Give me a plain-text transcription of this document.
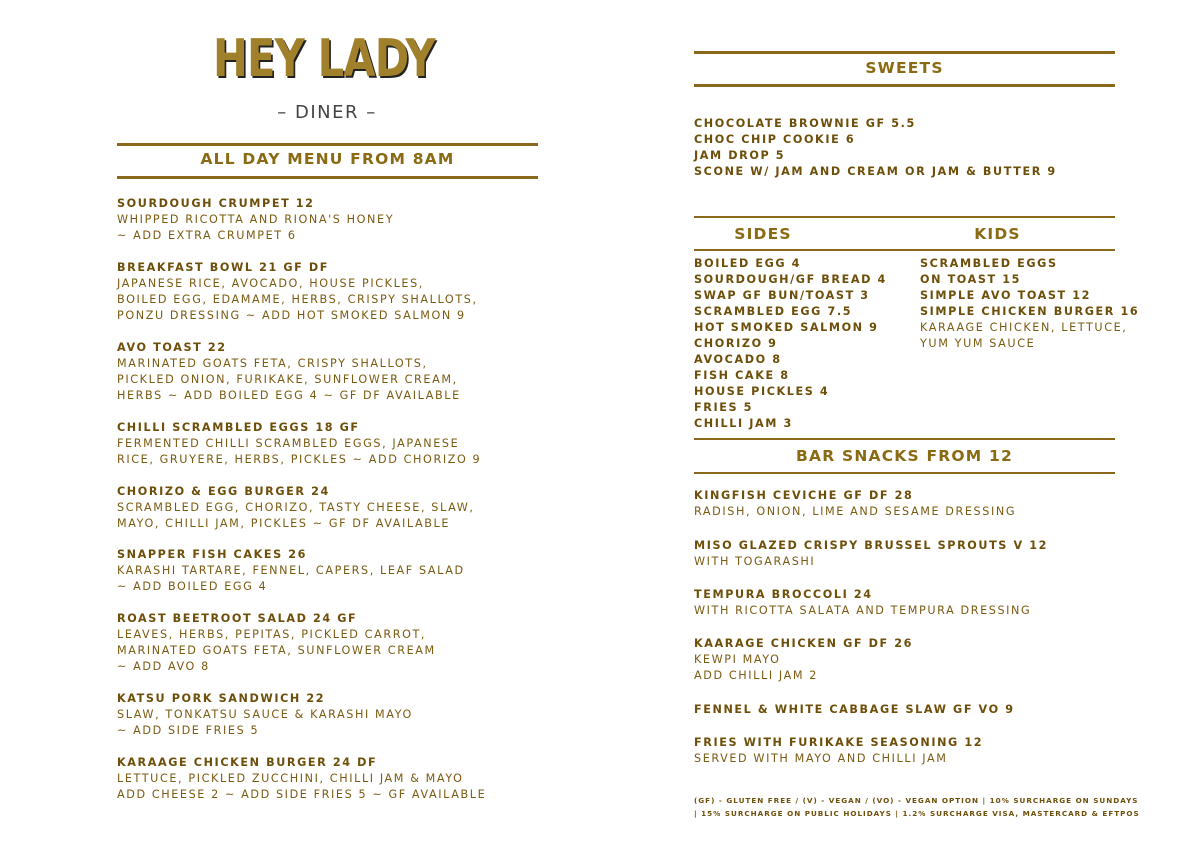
HEY LADY
– DINER –
ALL DAY MENU FROM 8AM
SOURDOUGH CRUMPET 12
WHIPPED RICOTTA AND RIONA'S HONEY
~ ADD EXTRA CRUMPET 6
BREAKFAST BOWL 21 GF DF
JAPANESE RICE, AVOCADO, HOUSE PICKLES,
BOILED EGG, EDAMAME, HERBS, CRISPY SHALLOTS,
PONZU DRESSING ~ ADD HOT SMOKED SALMON 9
AVO TOAST 22
MARINATED GOATS FETA, CRISPY SHALLOTS,
PICKLED ONION, FURIKAKE, SUNFLOWER CREAM,
HERBS ~ ADD BOILED EGG 4 ~ GF DF AVAILABLE
CHILLI SCRAMBLED EGGS 18 GF
FERMENTED CHILLI SCRAMBLED EGGS, JAPANESE
RICE, GRUYERE, HERBS, PICKLES ~ ADD CHORIZO 9
CHORIZO & EGG BURGER 24
SCRAMBLED EGG, CHORIZO, TASTY CHEESE, SLAW,
MAYO, CHILLI JAM, PICKLES ~ GF DF AVAILABLE
SNAPPER FISH CAKES 26
KARASHI TARTARE, FENNEL, CAPERS, LEAF SALAD
~ ADD BOILED EGG 4
ROAST BEETROOT SALAD 24 GF
LEAVES, HERBS, PEPITAS, PICKLED CARROT,
MARINATED GOATS FETA, SUNFLOWER CREAM
~ ADD AVO 8
KATSU PORK SANDWICH 22
SLAW, TONKATSU SAUCE & KARASHI MAYO
~ ADD SIDE FRIES 5
KARAAGE CHICKEN BURGER 24 DF
LETTUCE, PICKLED ZUCCHINI, CHILLI JAM & MAYO
ADD CHEESE 2 ~ ADD SIDE FRIES 5 ~ GF AVAILABLE
SWEETS
CHOCOLATE BROWNIE GF 5.5
CHOC CHIP COOKIE 6
JAM DROP 5
SCONE W/ JAM AND CREAM OR JAM & BUTTER 9
SIDES	KIDS
BOILED EGG 4
SOURDOUGH/GF BREAD 4
SWAP GF BUN/TOAST 3
SCRAMBLED EGG 7.5
HOT SMOKED SALMON 9
CHORIZO 9
AVOCADO 8
FISH CAKE 8
HOUSE PICKLES 4
FRIES 5
CHILLI JAM 3
SCRAMBLED EGGS
ON TOAST 15
SIMPLE AVO TOAST 12
SIMPLE CHICKEN BURGER 16
KARAAGE CHICKEN, LETTUCE,
YUM YUM SAUCE
BAR SNACKS FROM 12
KINGFISH CEVICHE GF DF 28
RADISH, ONION, LIME AND SESAME DRESSING
MISO GLAZED CRISPY BRUSSEL SPROUTS V 12
WITH TOGARASHI
TEMPURA BROCCOLI 24
WITH RICOTTA SALATA AND TEMPURA DRESSING
KAARAGE CHICKEN GF DF 26
KEWPI MAYO
ADD CHILLI JAM 2
FENNEL & WHITE CABBAGE SLAW GF VO 9
FRIES WITH FURIKAKE SEASONING 12
SERVED WITH MAYO AND CHILLI JAM
(GF) - GLUTEN FREE / (V) - VEGAN / (VO) - VEGAN OPTION | 10% SURCHARGE ON SUNDAYS
| 15% SURCHARGE ON PUBLIC HOLIDAYS | 1.2% SURCHARGE VISA, MASTERCARD & EFTPOS
